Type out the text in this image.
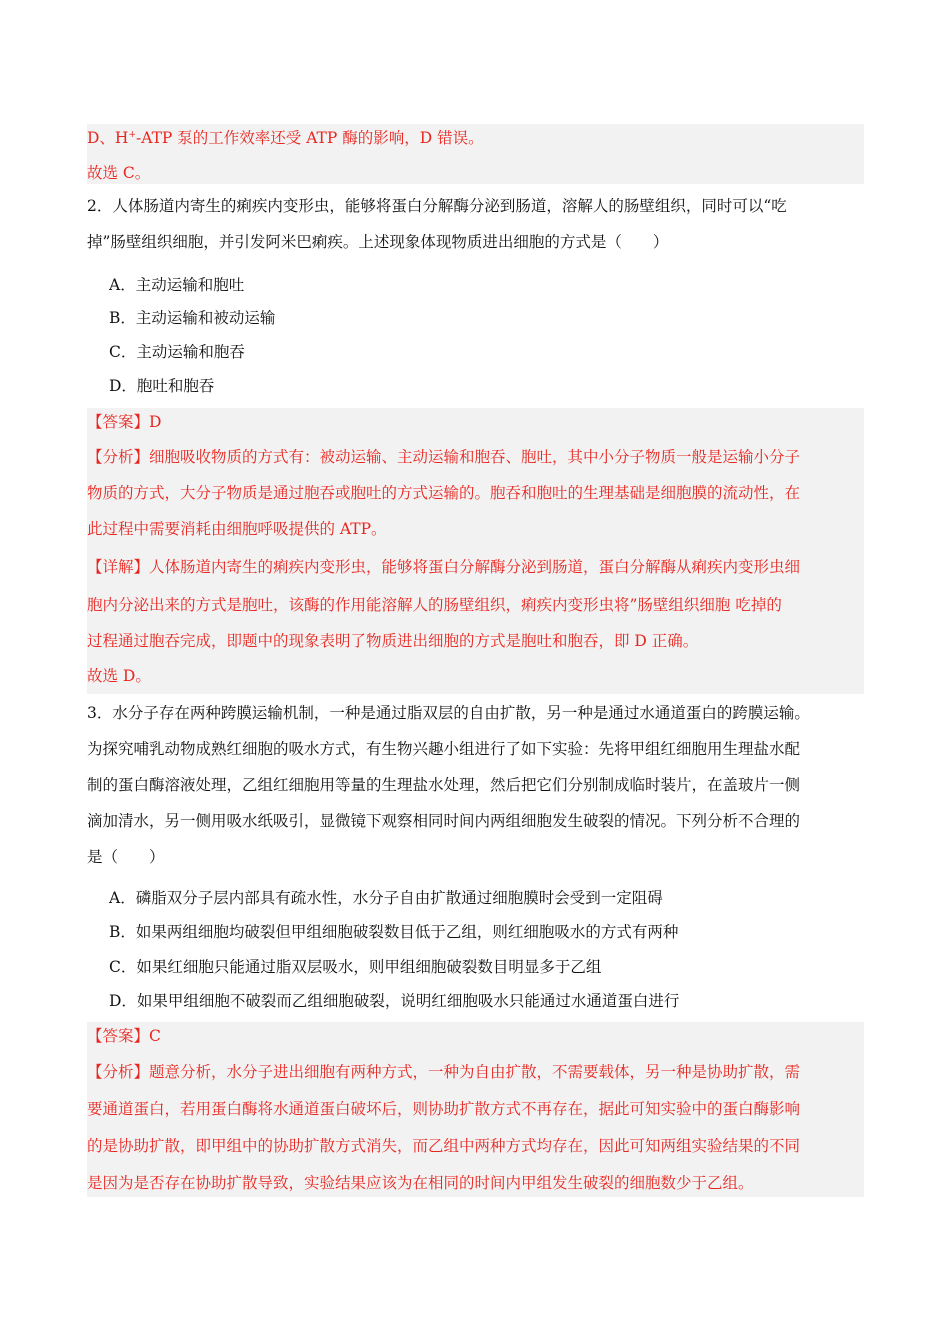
D、H+-ATP 泵的工作效率还受 ATP 酶的影响，D 错误。
故选 C。
2．人体肠道内寄生的痢疾内变形虫，能够将蛋白分解酶分泌到肠道，溶解人的肠壁组织，同时可以“吃
掉”肠壁组织细胞，并引发阿米巴痢疾。上述现象体现物质进出细胞的方式是（　　）
A．主动运输和胞吐
B．主动运输和被动运输
C．主动运输和胞吞
D．胞吐和胞吞
【答案】D
【分析】细胞吸收物质的方式有：被动运输、主动运输和胞吞、胞吐，其中小分子物质一般是运输小分子
物质的方式，大分子物质是通过胞吞或胞吐的方式运输的。胞吞和胞吐的生理基础是细胞膜的流动性，在
此过程中需要消耗由细胞呼吸提供的 ATP。
【详解】人体肠道内寄生的痢疾内变形虫，能够将蛋白分解酶分泌到肠道，蛋白分解酶从痢疾内变形虫细
胞内分泌出来的方式是胞吐，该酶的作用能溶解人的肠壁组织，痢疾内变形虫将”肠壁组织细胞 吃掉的
过程通过胞吞完成，即题中的现象表明了物质进出细胞的方式是胞吐和胞吞，即 D 正确。
故选 D。
3．水分子存在两种跨膜运输机制，一种是通过脂双层的自由扩散，另一种是通过水通道蛋白的跨膜运输。
为探究哺乳动物成熟红细胞的吸水方式，有生物兴趣小组进行了如下实验：先将甲组红细胞用生理盐水配
制的蛋白酶溶液处理，乙组红细胞用等量的生理盐水处理，然后把它们分别制成临时装片，在盖玻片一侧
滴加清水，另一侧用吸水纸吸引，显微镜下观察相同时间内两组细胞发生破裂的情况。下列分析不合理的
是（　　）
A．磷脂双分子层内部具有疏水性，水分子自由扩散通过细胞膜时会受到一定阻碍
B．如果两组细胞均破裂但甲组细胞破裂数目低于乙组，则红细胞吸水的方式有两种
C．如果红细胞只能通过脂双层吸水，则甲组细胞破裂数目明显多于乙组
D．如果甲组细胞不破裂而乙组细胞破裂，说明红细胞吸水只能通过水通道蛋白进行
【答案】C
【分析】题意分析，水分子进出细胞有两种方式，一种为自由扩散，不需要载体，另一种是协助扩散，需
要通道蛋白，若用蛋白酶将水通道蛋白破坏后，则协助扩散方式不再存在，据此可知实验中的蛋白酶影响
的是协助扩散，即甲组中的协助扩散方式消失，而乙组中两种方式均存在，因此可知两组实验结果的不同
是因为是否存在协助扩散导致，实验结果应该为在相同的时间内甲组发生破裂的细胞数少于乙组。
